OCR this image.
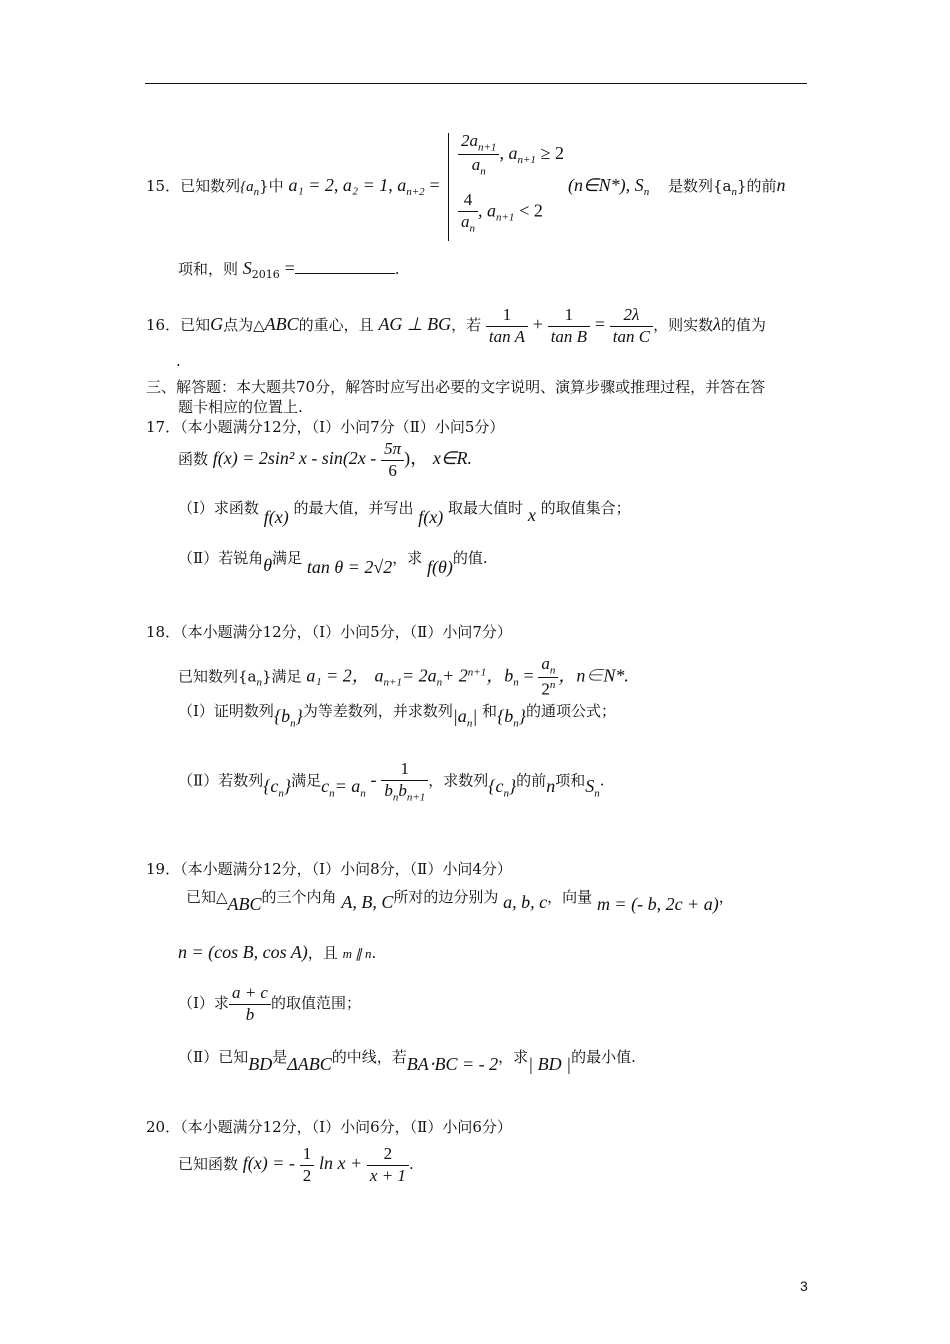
15．已知数列$\{a_n\}$中 a₁ = 2, a₂ = 1, $a_{n+2}$ =
$\frac{2a_{n+1}}{a_n}$ , $a_{n+1} \ge 2$
(n∈N*), $S_n$ 是数列$\{a_n\}$的前n
$\frac{4}{a_n}$ , $a_{n+1} < 2$
项和，则 $S_{2016}$ =	.
16．已知G点为△ABC的重心，且 AG ⊥ BG，若 $\frac{1}{\text{tan A}} + \frac{1}{\text{tan B}} = \frac{2\lambda}{\text{tan C}}$ ，则实数λ的值为
.
三、解答题：本大题共70分，解答时应写出必要的文字说明、演算步骤或推理过程，并答在答
题卡相应的位置上.
17．（本小题满分12分，（Ⅰ）小问7分（Ⅱ）小问5分）
函数 f(x) = 2sin² x - $\sin(2x - \frac{5\pi}{6}$ )， x∈R.
（Ⅰ）求函数 f(x) 的最大值，并写出 f(x) 取最大值时 x 的取值集合；
（Ⅱ）若锐角θ满足 tan θ = 2√2，求 f(θ)的值.
18．（本小题满分12分，（Ⅰ）小问5分，（Ⅱ）小问7分）
已知数列$\{a_n\}$满足 a₁ = 2， $a_{n+1}= 2a_n+ 2^{n+1}$，$b_n = \frac{a_n}{2^n}$ ，n∈N*.
（Ⅰ）证明数列$\{b_n\}$为等差数列，并求数列$|a_n|$ 和$\{b_n\}$的通项公式；
（Ⅱ）若数列$\{c_n\}$满足$c_n= a_n - \frac{1}{b_nb_{n+1}}$ ，求数列$\{c_n\}$的前n项和$S_n$.
19．（本小题满分12分，（Ⅰ）小问8分，（Ⅱ）小问4分）
已知△ABC的三个内角 A, B, C所对的边分别为 a, b, c，向量 m = (- b, 2c + a)，
n = (cos B, cos A)，且 m ∥ n.
（Ⅰ）求 $\frac{a + c}{b}$ 的取值范围；
（Ⅱ）已知BD是ΔABC的中线，若BA⋅BC = - 2，求| BD |的最小值.
20．（本小题满分12分，（Ⅰ）小问6分，（Ⅱ）小问6分）
已知函数 f(x) = - $\frac{1}{2}$ $\ln x + \frac{2}{x + 1}$ .
3
